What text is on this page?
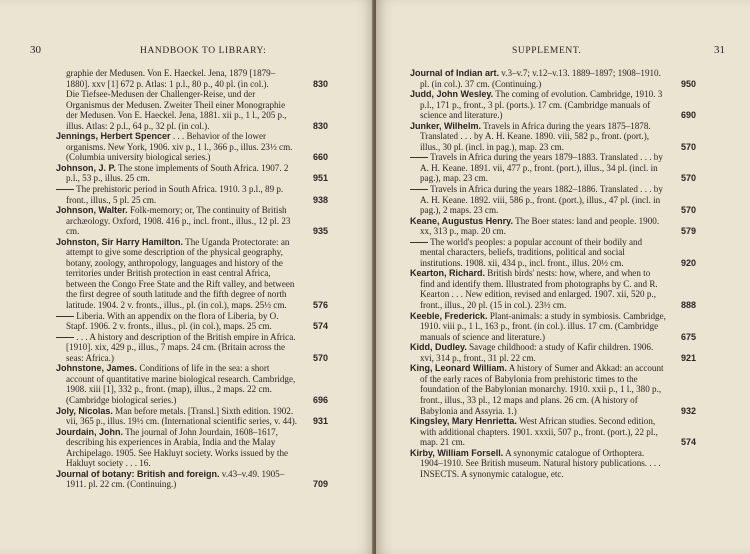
30	HANDBOOK TO LIBRARY:
graphie der Medusen. Von E. Haeckel. Jena, 1879 [1879–1880]. xxv [1] 672 p. Atlas: 1 p.l., 80 p., 40 pl. (in col.).	830
Die Tiefsee-Medusen der Challenger-Reise, und der Organismus der Medusen. Zweiter Theil einer Monographie der Medusen. Von E. Haeckel. Jena, 1881. xii p., 1 l., 205 p., illus. Atlas: 2 p.l., 64 p., 32 pl. (in col.).	830
Jennings, Herbert Spencer . . . Behavior of the lower organisms. New York, 1906. xiv p., 1 l., 366 p., illus. 23½ cm. (Columbia university biological series.)	660
Johnson, J. P. The stone implements of South Africa. 1907. 2 p.l., 53 p., illus. 25 cm.	951
—— The prehistoric period in South Africa. 1910. 3 p.l., 89 p. front., illus., 5 pl. 25 cm.	938
Johnson, Walter. Folk-memory; or, The continuity of British archæology. Oxford, 1908. 416 p., incl. front., illus., 12 pl. 23 cm.	935
Johnston, Sir Harry Hamilton. The Uganda Protectorate: an attempt to give some description of the physical geography, botany, zoology, anthropology, languages and history of the territories under British protection in east central Africa, between the Congo Free State and the Rift valley, and between the first degree of south latitude and the fifth degree of north latitude. 1904. 2 v. fronts., illus., pl. (in col.), maps. 25½ cm.	576
—— Liberia. With an appendix on the flora of Liberia, by O. Stapf. 1906. 2 v. fronts., illus., pl. (in col.), maps. 25 cm.	574
—— . . . A history and description of the British empire in Africa. [1910]. xix, 429 p., illus., 7 maps. 24 cm. (Britain across the seas: Africa.)	570
Johnstone, James. Conditions of life in the sea: a short account of quantitative marine biological research. Cambridge, 1908. xiii [1], 332 p., front. (map), illus., 2 maps. 22 cm. (Cambridge biological series.)	696
Joly, Nicolas. Man before metals. [Transl.] Sixth edition. 1902. vii, 365 p., illus. 19½ cm. (International scientific series, v. 44). 931
Jourdain, John. The journal of John Jourdain, 1608–1617, describing his experiences in Arabia, India and the Malay Archipelago. 1905. See Hakluyt society. Works issued by the Hakluyt society . . . 16.
Journal of botany: British and foreign. v.43–v.49. 1905–1911. pl. 22 cm. (Continuing.)	709
SUPPLEMENT.	31
Journal of Indian art. v.3–v.7; v.12–v.13. 1889–1897; 1908–1910. pl. (in col.). 37 cm. (Continuing.)	950
Judd, John Wesley. The coming of evolution. Cambridge, 1910. 3 p.l., 171 p., front., 3 pl. (ports.). 17 cm. (Cambridge manuals of science and literature.)	690
Junker, Wilhelm. Travels in Africa during the years 1875–1878. Translated . . . by A. H. Keane. 1890. viii, 582 p., front. (port.), illus., 30 pl. (incl. in pag.), map. 23 cm.	570
—— Travels in Africa during the years 1879–1883. Translated . . . by A. H. Keane. 1891. vii, 477 p., front. (port.), illus., 34 pl. (incl. in pag.), map. 23 cm.	570
—— Travels in Africa during the years 1882–1886. Translated . . . by A. H. Keane. 1892. viii, 586 p., front. (port.), illus., 47 pl. (incl. in pag.), 2 maps. 23 cm.	570
Keane, Augustus Henry. The Boer states: land and people. 1900. xx, 313 p., map. 20 cm.	579
—— The world's peoples: a popular account of their bodily and mental characters, beliefs, traditions, political and social institutions. 1908. xii, 434 p., incl. front., illus. 20½ cm.	920
Kearton, Richard. British birds' nests: how, where, and when to find and identify them. Illustrated from photographs by C. and R. Kearton . . . New edition, revised and enlarged. 1907. xii, 520 p., front., illus., 20 pl. (15 in col.). 23½ cm.	888
Keeble, Frederick. Plant-animals: a study in symbiosis. Cambridge, 1910. viii p., 1 l., 163 p., front. (in col.). illus. 17 cm. (Cambridge manuals of science and literature.)	675
Kidd, Dudley. Savage childhood: a study of Kafir children. 1906. xvi, 314 p., front., 31 pl. 22 cm.	921
King, Leonard William. A history of Sumer and Akkad: an account of the early races of Babylonia from prehistoric times to the foundation of the Babylonian monarchy. 1910. xxii p., 1 l., 380 p., front., illus., 33 pl., 12 maps and plans. 26 cm. (A history of Babylonia and Assyria. 1.)	932
Kingsley, Mary Henrietta. West African studies. Second edition, with additional chapters. 1901. xxxii, 507 p., front. (port.), 22 pl., map. 21 cm.	574
Kirby, William Forsell. A synonymic catalogue of Orthoptera. 1904–1910. See British museum. Natural history publications. . . . INSECTS. A synonymic catalogue, etc.
